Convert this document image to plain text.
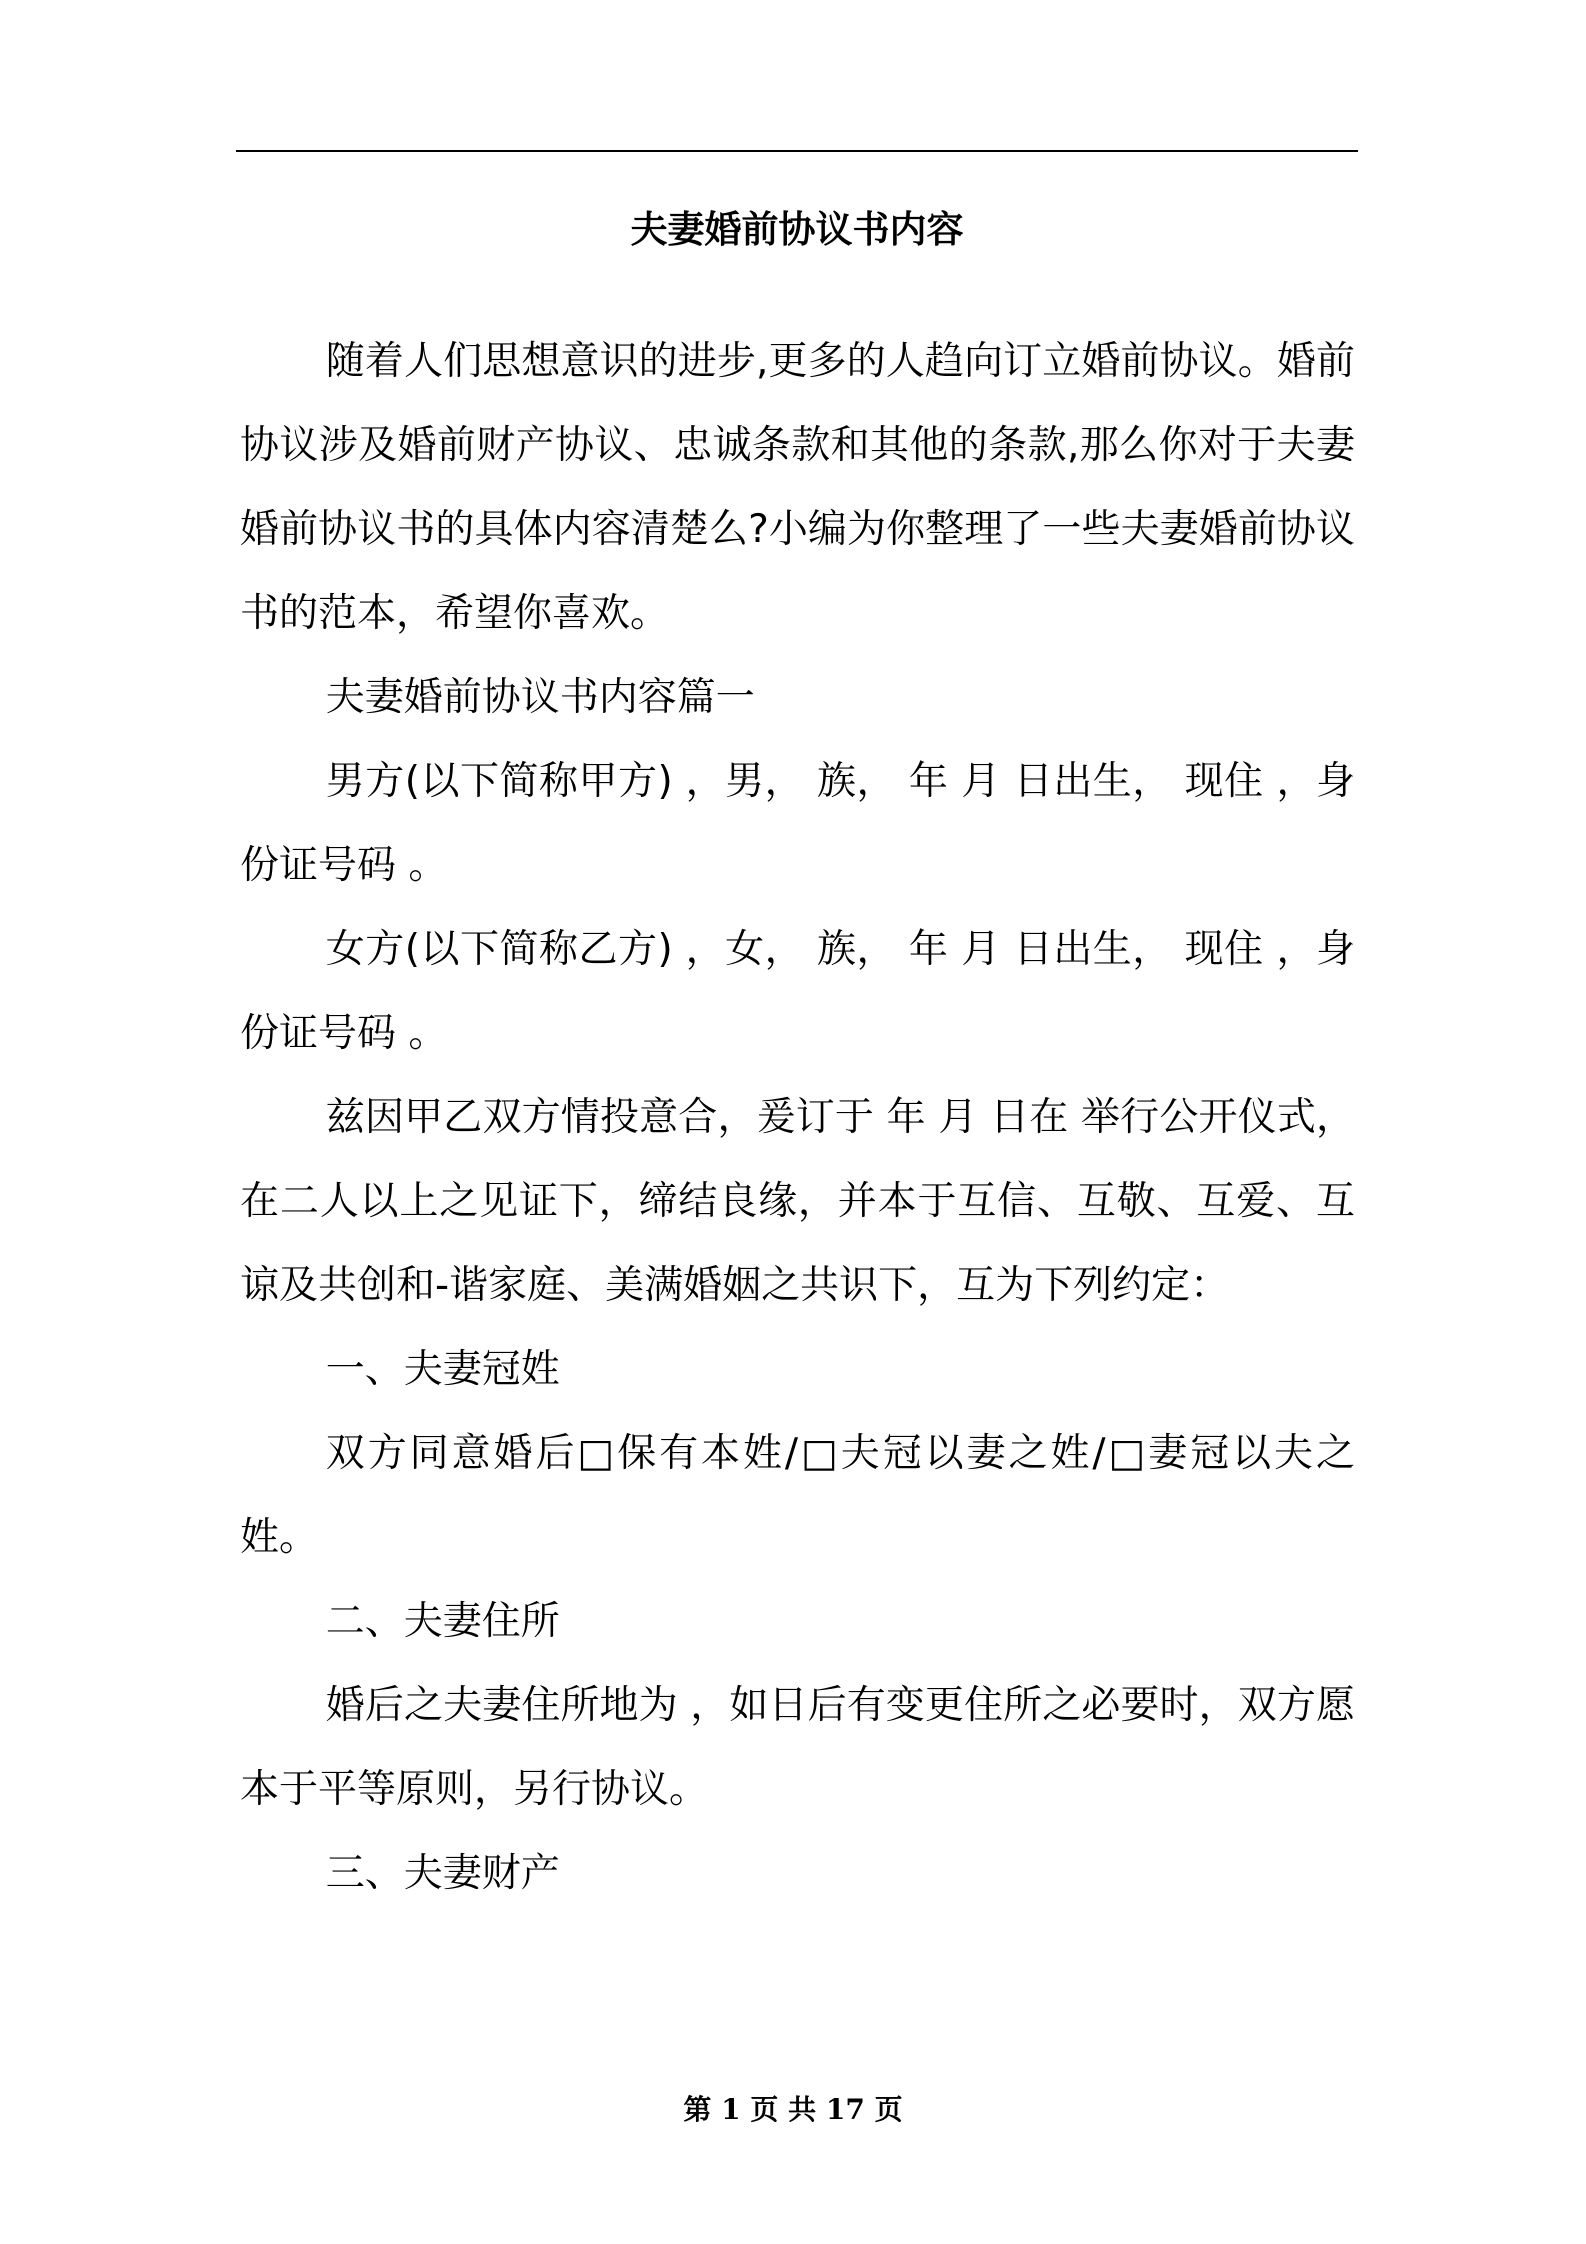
夫妻婚前协议书内容

随着人们思想意识的进步,更多的人趋向订立婚前协议。婚前协议涉及婚前财产协议、忠诚条款和其他的条款,那么你对于夫妻婚前协议书的具体内容清楚么?小编为你整理了一些夫妻婚前协议书的范本，希望你喜欢。

夫妻婚前协议书内容篇一

男方(以下简称甲方) ，男， 族， 年 月 日出生， 现住 ，身份证号码 。

女方(以下简称乙方) ，女， 族， 年 月 日出生， 现住 ，身份证号码 。

兹因甲乙双方情投意合，爰订于 年 月 日在 举行公开仪式，在二人以上之见证下，缔结良缘，并本于互信、互敬、互爱、互谅及共创和-谐家庭、美满婚姻之共识下，互为下列约定：

一、夫妻冠姓

双方同意婚后□保有本姓/□夫冠以妻之姓/□妻冠以夫之姓。

二、夫妻住所

婚后之夫妻住所地为 ，如日后有变更住所之必要时，双方愿本于平等原则，另行协议。

三、夫妻财产

第 1 页 共 17 页
